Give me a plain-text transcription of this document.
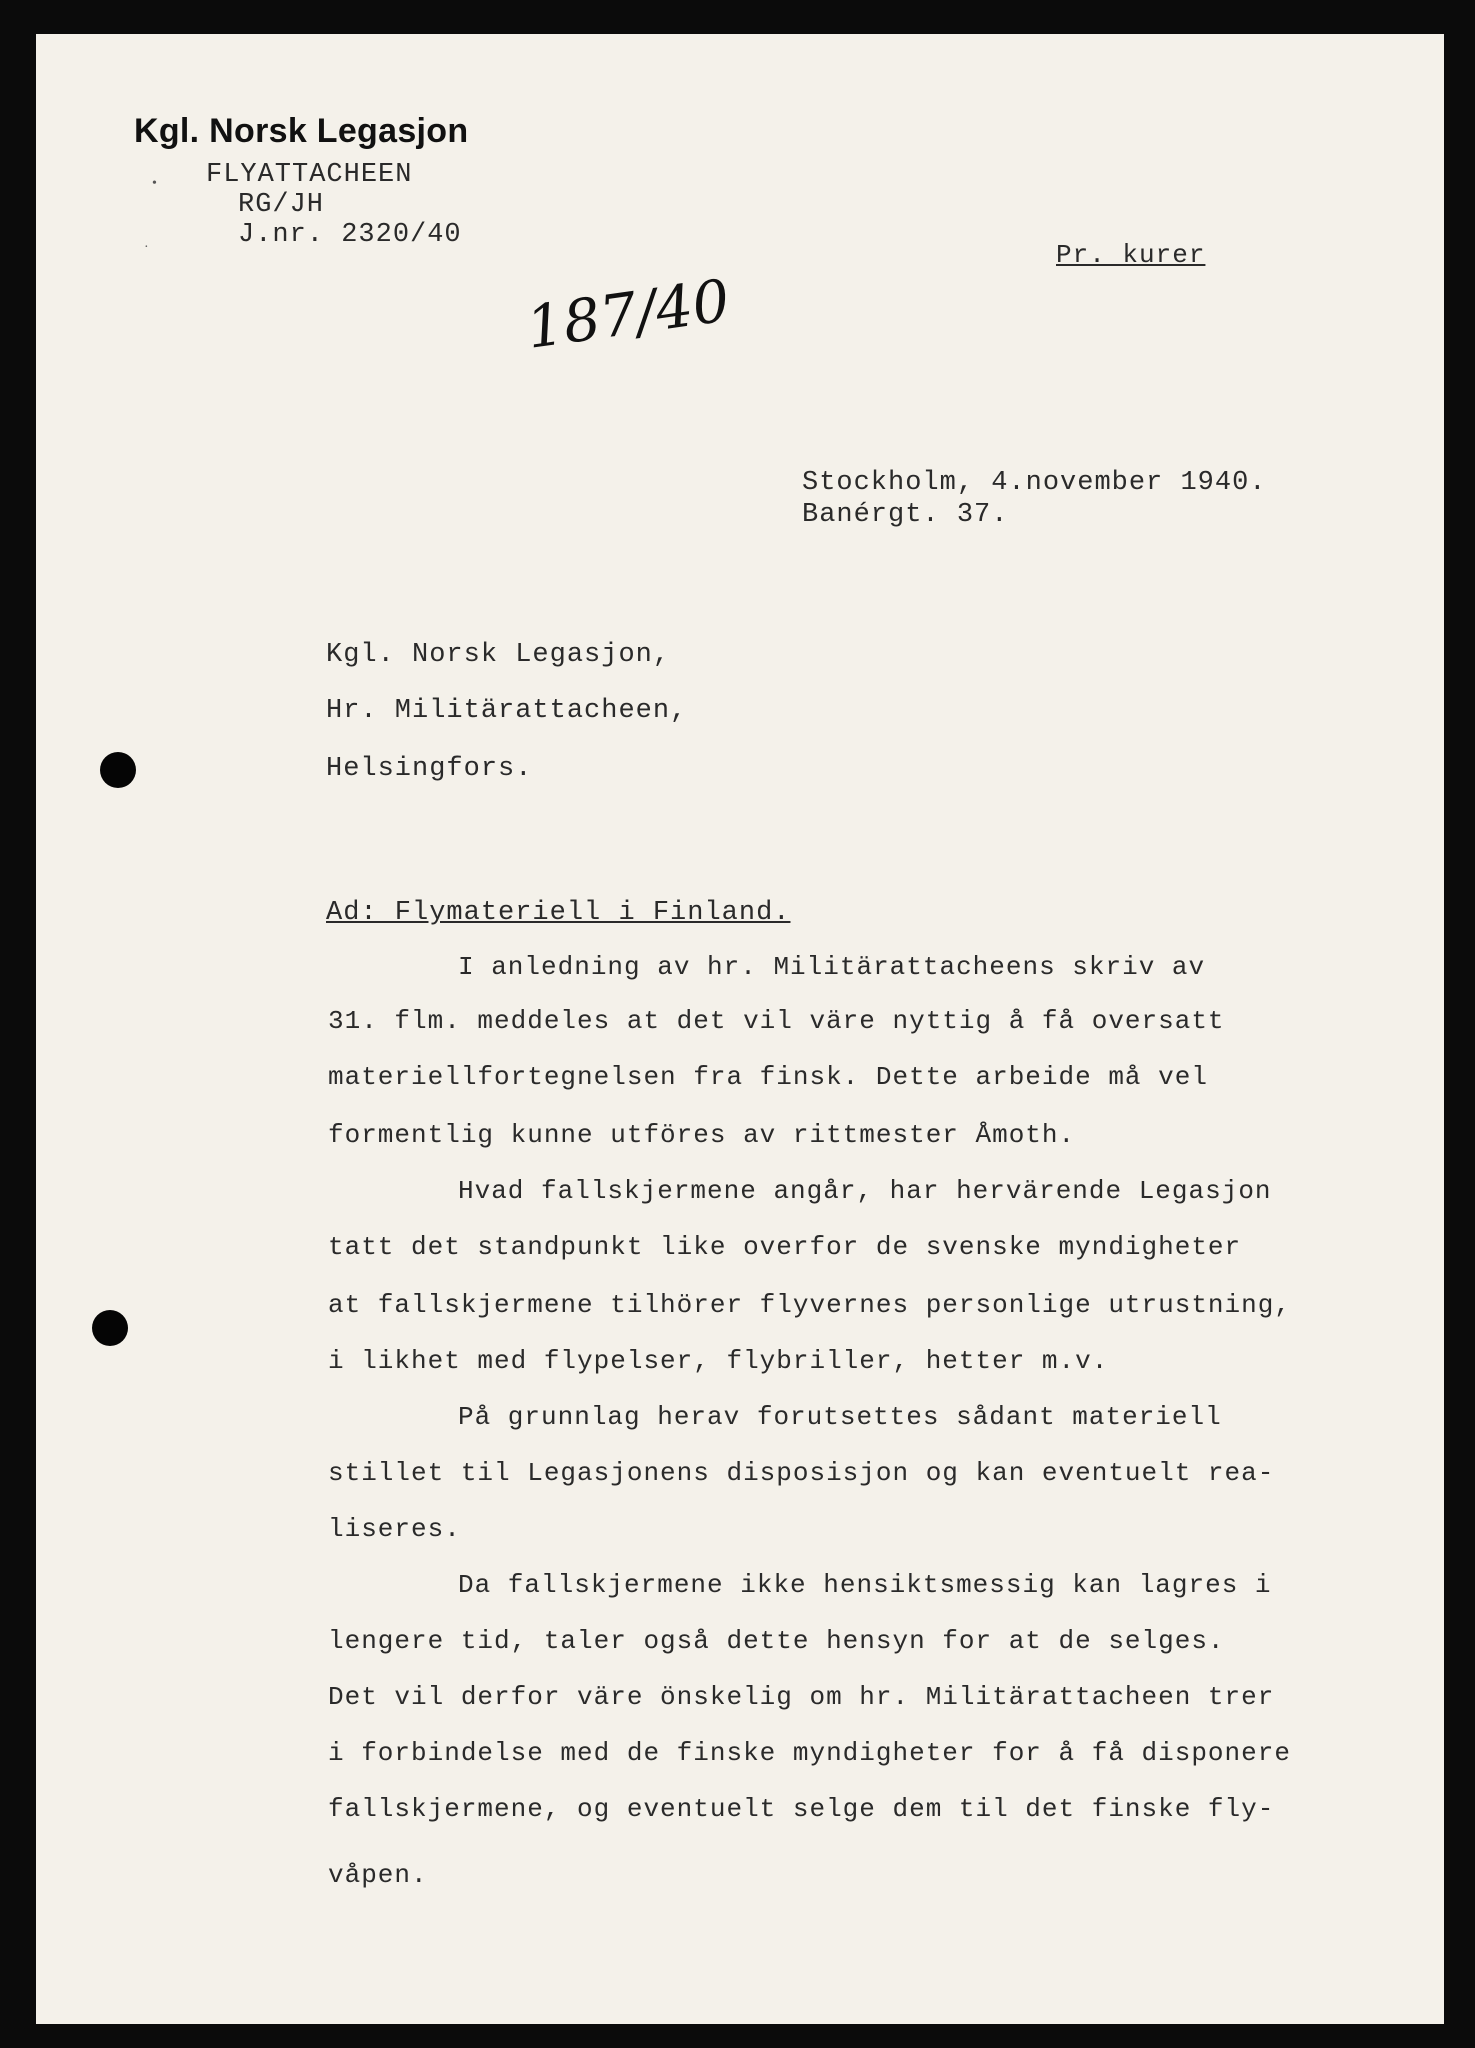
Kgl. Norsk Legasjon
FLYATTACHEEN
RG/JH
J.nr. 2320/40
•
·
187/40
Pr. kurer
Stockholm, 4.november 1940.
Banérgt. 37.
Kgl. Norsk Legasjon,
Hr. Militärattacheen,
Helsingfors.
Ad: Flymateriell i Finland.
I anledning av hr. Militärattacheens skriv av
31. flm. meddeles at det vil väre nyttig å få oversatt
materiellfortegnelsen fra finsk. Dette arbeide må vel
formentlig kunne utföres av rittmester Åmoth.
Hvad fallskjermene angår, har hervärende Legasjon
tatt det standpunkt like overfor de svenske myndigheter
at fallskjermene tilhörer flyvernes personlige utrustning,
i likhet med flypelser, flybriller, hetter m.v.
På grunnlag herav forutsettes sådant materiell
stillet til Legasjonens disposisjon og kan eventuelt rea-
liseres.
Da fallskjermene ikke hensiktsmessig kan lagres i
lengere tid, taler også dette hensyn for at de selges.
Det vil derfor väre önskelig om hr. Militärattacheen trer
i forbindelse med de finske myndigheter for å få disponere
fallskjermene, og eventuelt selge dem til det finske fly-
våpen.
